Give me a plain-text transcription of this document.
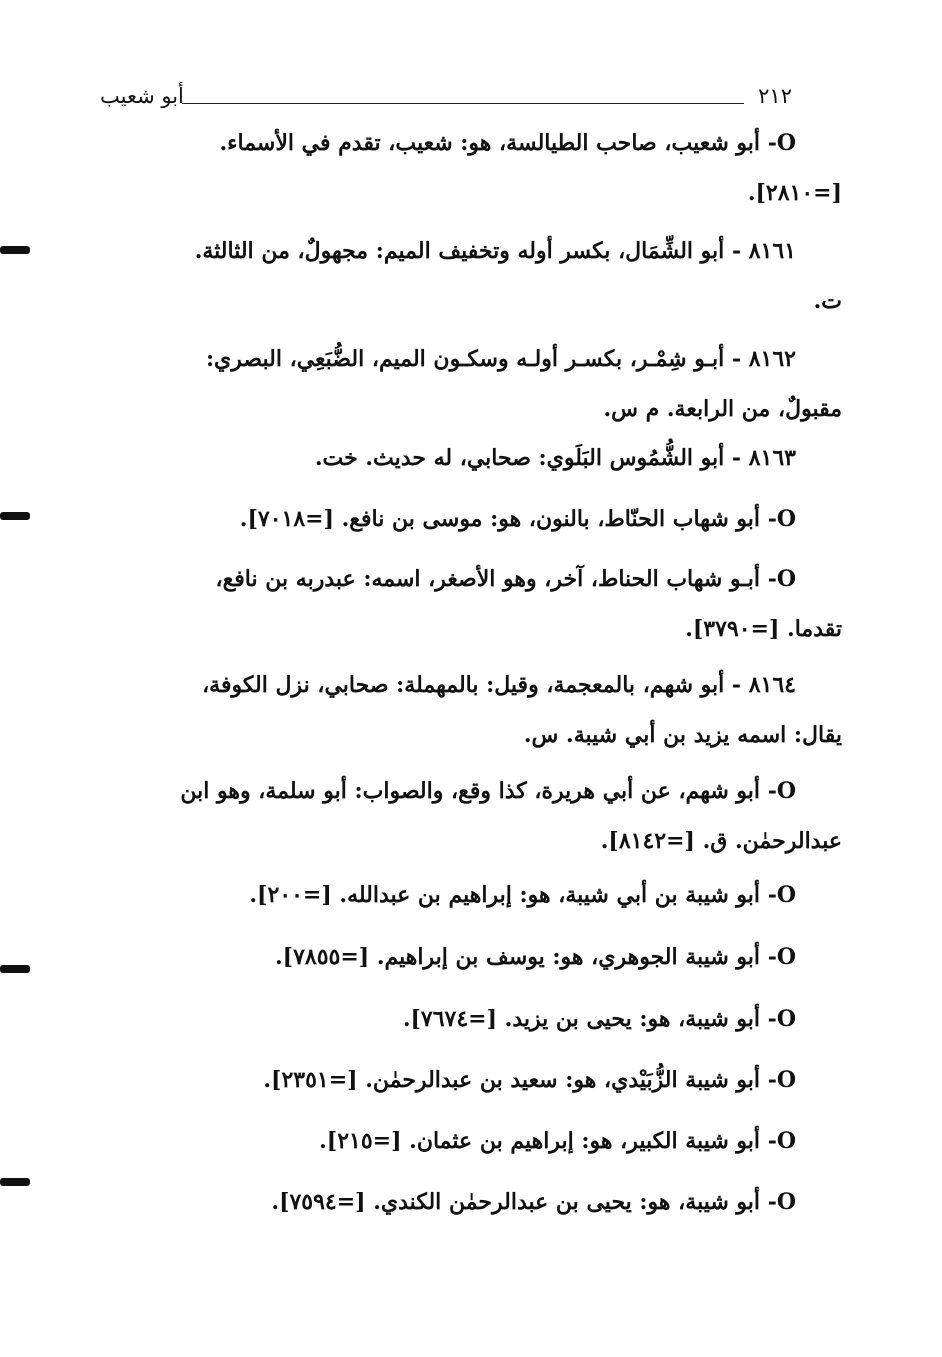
٢١٢
أبو شعيب
O- أبو شعيب، صاحب الطيالسة، هو: شعيب، تقدم في الأسماء.
[=٢٨١٠].
٨١٦١ - أبو الشِّمَال، بكسر أوله وتخفيف الميم: مجهولٌ، من الثالثة.
ت.
٨١٦٢ - أبـو شِمْـر، بكسـر أولـه وسكـون الميم، الضُّبَعِي، البصري:
مقبولٌ، من الرابعة. م س.
٨١٦٣ - أبو الشُّمُوس البَلَوي: صحابي، له حديث. خت.
O- أبو شهاب الحنّاط، بالنون، هو: موسى بن نافع. [=٧٠١٨].
O- أبـو شهاب الحناط، آخر، وهو الأصغر، اسمه: عبدربه بن نافع،
تقدما. [=٣٧٩٠].
٨١٦٤ - أبو شهم، بالمعجمة، وقيل: بالمهملة: صحابي، نزل الكوفة،
يقال: اسمه يزيد بن أبي شيبة. س.
O- أبو شهم، عن أبي هريرة، كذا وقع، والصواب: أبو سلمة، وهو ابن
عبدالرحمٰن. ق. [=٨١٤٢].
O- أبو شيبة بن أبي شيبة، هو: إبراهيم بن عبدالله. [=٢٠٠].
O- أبو شيبة الجوهري، هو: يوسف بن إبراهيم. [=٧٨٥٥].
O- أبو شيبة، هو: يحيى بن يزيد. [=٧٦٧٤].
O- أبو شيبة الزُّبَيْدي، هو: سعيد بن عبدالرحمٰن. [=٢٣٥١].
O- أبو شيبة الكبير، هو: إبراهيم بن عثمان. [=٢١٥].
O- أبو شيبة، هو: يحيى بن عبدالرحمٰن الكندي. [=٧٥٩٤].
